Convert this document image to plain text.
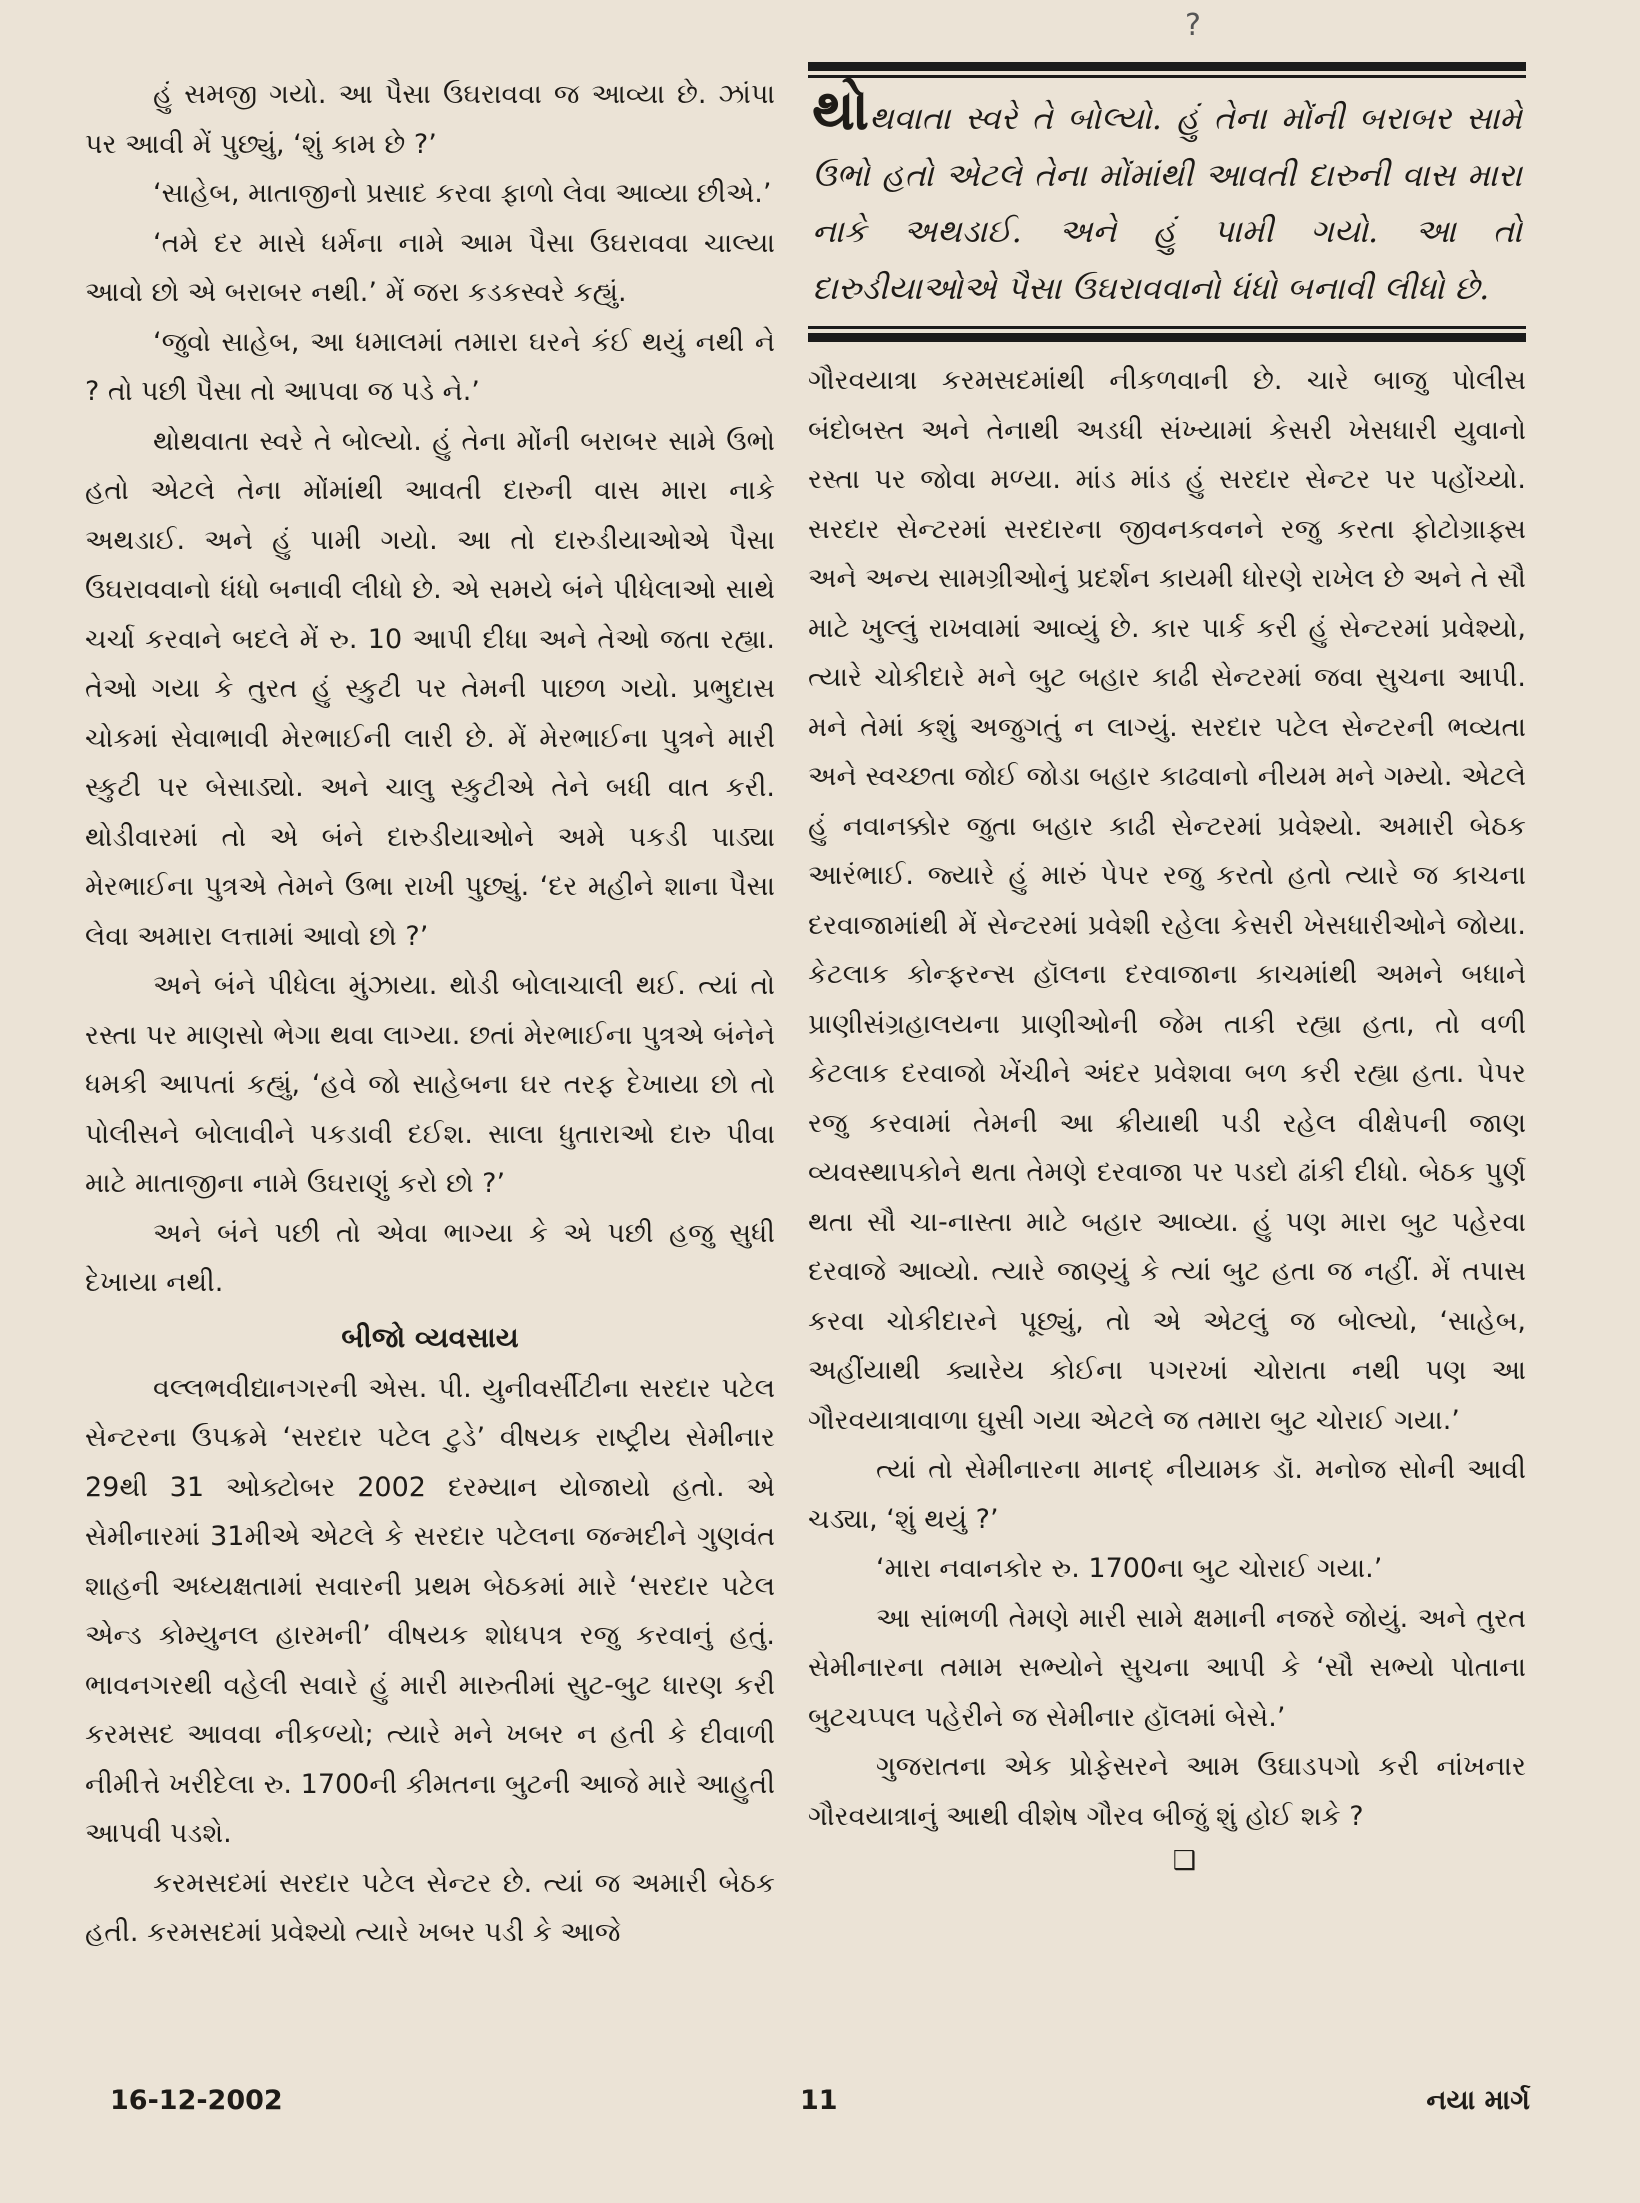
?

હું સમજી ગયો. આ પૈસા ઉઘરાવવા જ આવ્યા છે. ઝાંપા પર આવી મેં પુછ્યું, ‘શું કામ છે ?’

‘સાહેબ, માતાજીનો પ્રસાદ કરવા ફાળો લેવા આવ્યા છીએ.’

‘તમે દર માસે ધર્મના નામે આમ પૈસા ઉઘરાવવા ચાલ્યા આવો છો એ બરાબર નથી.’ મેં જરા કડકસ્વરે કહ્યું.

‘જુવો સાહેબ, આ ધમાલમાં તમારા ઘરને કંઈ થયું નથી ને ? તો પછી પૈસા તો આપવા જ પડે ને.’

થોથવાતા સ્વરે તે બોલ્યો. હું તેના મોંની બરાબર સામે ઉભો હતો એટલે તેના મોંમાંથી આવતી દારુની વાસ મારા નાકે અથડાઈ. અને હું પામી ગયો. આ તો દારુડીયાઓએ પૈસા ઉઘરાવવાનો ધંધો બનાવી લીધો છે. એ સમયે બંને પીધેલાઓ સાથે ચર્ચા કરવાને બદલે મેં રુ. 10 આપી દીધા અને તેઓ જતા રહ્યા. તેઓ ગયા કે તુરત હું સ્કુટી પર તેમની પાછળ ગયો. પ્રભુદાસ ચોકમાં સેવાભાવી મેરભાઈની લારી છે. મેં મેરભાઈના પુત્રને મારી સ્કુટી પર બેસાડ્યો. અને ચાલુ સ્કુટીએ તેને બધી વાત કરી. થોડીવારમાં તો એ બંને દારુડીયાઓને અમે પકડી પાડ્યા મેરભાઈના પુત્રએ તેમને ઉભા રાખી પુછ્યું. ‘દર મહીને શાના પૈસા લેવા અમારા લત્તામાં આવો છો ?’

અને બંને પીધેલા મુંઝાયા. થોડી બોલાચાલી થઈ. ત્યાં તો રસ્તા પર માણસો ભેગા થવા લાગ્યા. છતાં મેરભાઈના પુત્રએ બંનેને ધમકી આપતાં કહ્યું, ‘હવે જો સાહેબના ઘર તરફ દેખાયા છો તો પોલીસને બોલાવીને પકડાવી દઈશ. સાલા ધુતારાઓ દારુ પીવા માટે માતાજીના નામે ઉઘરાણું કરો છો ?’

અને બંને પછી તો એવા ભાગ્યા કે એ પછી હજુ સુધી દેખાયા નથી.

બીજો વ્યવસાય

વલ્લભવીદ્યાનગરની એસ. પી. યુનીવર્સીટીના સરદાર પટેલ સેન્ટરના ઉપક્રમે ‘સરદાર પટેલ ટુડે’ વીષયક રાષ્ટ્રીય સેમીનાર 29થી 31 ઓક્ટોબર 2002 દરમ્યાન યોજાયો હતો. એ સેમીનારમાં 31મીએ એટલે કે સરદાર પટેલના જન્મદીને ગુણવંત શાહની અધ્યક્ષતામાં સવારની પ્રથમ બેઠકમાં મારે ‘સરદાર પટેલ એન્ડ કોમ્યુનલ હારમની’ વીષયક શોધપત્ર રજુ કરવાનું હતું. ભાવનગરથી વહેલી સવારે હું મારી મારુતીમાં સુટ-બુટ ધારણ કરી કરમસદ આવવા નીકળ્યો; ત્યારે મને ખબર ન હતી કે દીવાળી નીમીત્તે ખરીદેલા રુ. 1700ની કીમતના બુટની આજે મારે આહુતી આપવી પડશે.

કરમસદમાં સરદાર પટેલ સેન્ટર છે. ત્યાં જ અમારી બેઠક હતી. કરમસદમાં પ્રવેશ્યો ત્યારે ખબર પડી કે આજે

થોથવાતા સ્વરે તે બોલ્યો. હું તેના મોંની બરાબર સામે ઉભો હતો એટલે તેના મોંમાંથી આવતી દારુની વાસ મારા નાકે અથડાઈ. અને હું પામી ગયો. આ તો દારુડીયાઓએ પૈસા ઉઘરાવવાનો ધંધો બનાવી લીધો છે.

ગૌરવયાત્રા કરમસદમાંથી નીકળવાની છે. ચારે બાજુ પોલીસ બંદોબસ્ત અને તેનાથી અડધી સંખ્યામાં કેસરી ખેસધારી યુવાનો રસ્તા પર જોવા મળ્યા. માંડ માંડ હું સરદાર સેન્ટર પર પહોંચ્યો. સરદાર સેન્ટરમાં સરદારના જીવનકવનને રજુ કરતા ફોટોગ્રાફ્સ અને અન્ય સામગ્રીઓનું પ્રદર્શન કાયમી ધોરણે રાખેલ છે અને તે સૌ માટે ખુલ્લું રાખવામાં આવ્યું છે. કાર પાર્ક કરી હું સેન્ટરમાં પ્રવેશ્યો, ત્યારે ચોકીદારે મને બુટ બહાર કાઢી સેન્ટરમાં જવા સુચના આપી. મને તેમાં કશું અજુગતું ન લાગ્યું. સરદાર પટેલ સેન્ટરની ભવ્યતા અને સ્વચ્છતા જોઈ જોડા બહાર કાઢવાનો નીયમ મને ગમ્યો. એટલે હું નવાનક્કોર જુતા બહાર કાઢી સેન્ટરમાં પ્રવેશ્યો. અમારી બેઠક આરંભાઈ. જ્યારે હું મારું પેપર રજુ કરતો હતો ત્યારે જ કાચના દરવાજામાંથી મેં સેન્ટરમાં પ્રવેશી રહેલા કેસરી ખેસધારીઓને જોયા. કેટલાક કોન્ફરન્સ હૉલના દરવાજાના કાચમાંથી અમને બધાને પ્રાણીસંગ્રહાલયના પ્રાણીઓની જેમ તાકી રહ્યા હતા, તો વળી કેટલાક દરવાજો ખેંચીને અંદર પ્રવેશવા બળ કરી રહ્યા હતા. પેપર રજુ કરવામાં તેમની આ ક્રીયાથી પડી રહેલ વીક્ષેપની જાણ વ્યવસ્થાપકોને થતા તેમણે દરવાજા પર પડદો ઢાંકી દીધો. બેઠક પુર્ણ થતા સૌ ચા-નાસ્તા માટે બહાર આવ્યા. હું પણ મારા બુટ પહેરવા દરવાજે આવ્યો. ત્યારે જાણ્યું કે ત્યાં બુટ હતા જ નહીં. મેં તપાસ કરવા ચોકીદારને પૂછ્યું, તો એ એટલું જ બોલ્યો, ‘સાહેબ, અહીંયાથી ક્યારેય કોઈના પગરખાં ચોરાતા નથી પણ આ ગૌરવયાત્રાવાળા ઘુસી ગયા એટલે જ તમારા બુટ ચોરાઈ ગયા.’

ત્યાં તો સેમીનારના માનદ્ નીયામક ડૉ. મનોજ સોની આવી ચડ્યા, ‘શું થયું ?’

‘મારા નવાનકોર રુ. 1700ના બુટ ચોરાઈ ગયા.’

આ સાંભળી તેમણે મારી સામે ક્ષમાની નજરે જોયું. અને તુરત સેમીનારના તમામ સભ્યોને સુચના આપી કે ‘સૌ સભ્યો પોતાના બુટચપ્પલ પહેરીને જ સેમીનાર હૉલમાં બેસે.’

ગુજરાતના એક પ્રોફેસરને આમ ઉઘાડપગો કરી નાંખનાર ગૌરવયાત્રાનું આથી વીશેષ ગૌરવ બીજું શું હોઈ શકે ?

❑
16-12-2002	11	નયા માર્ગ
